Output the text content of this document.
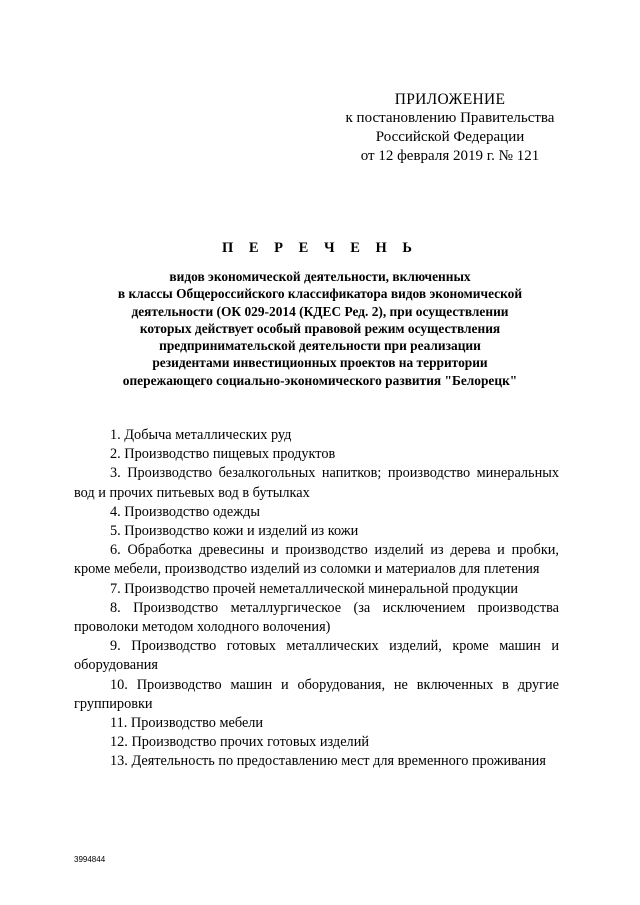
ПРИЛОЖЕНИЕ
к постановлению Правительства
Российской Федерации
от 12 февраля 2019 г. № 121
П Е Р Е Ч Е Н Ь
видов экономической деятельности, включенных
в классы Общероссийского классификатора видов экономической
деятельности (ОК 029-2014 (КДЕС Ред. 2), при осуществлении
которых действует особый правовой режим осуществления
предпринимательской деятельности при реализации
резидентами инвестиционных проектов на территории
опережающего социально-экономического развития "Белорецк"
1. Добыча металлических руд
2. Производство пищевых продуктов
3. Производство безалкогольных напитков; производство минеральных вод и прочих питьевых вод в бутылках
4. Производство одежды
5. Производство кожи и изделий из кожи
6. Обработка древесины и производство изделий из дерева и пробки, кроме мебели, производство изделий из соломки и материалов для плетения
7. Производство прочей неметаллической минеральной продукции
8. Производство металлургическое (за исключением производства проволоки методом холодного волочения)
9. Производство готовых металлических изделий, кроме машин и оборудования
10. Производство машин и оборудования, не включенных в другие группировки
11. Производство мебели
12. Производство прочих готовых изделий
13. Деятельность по предоставлению мест для временного проживания
3994844
